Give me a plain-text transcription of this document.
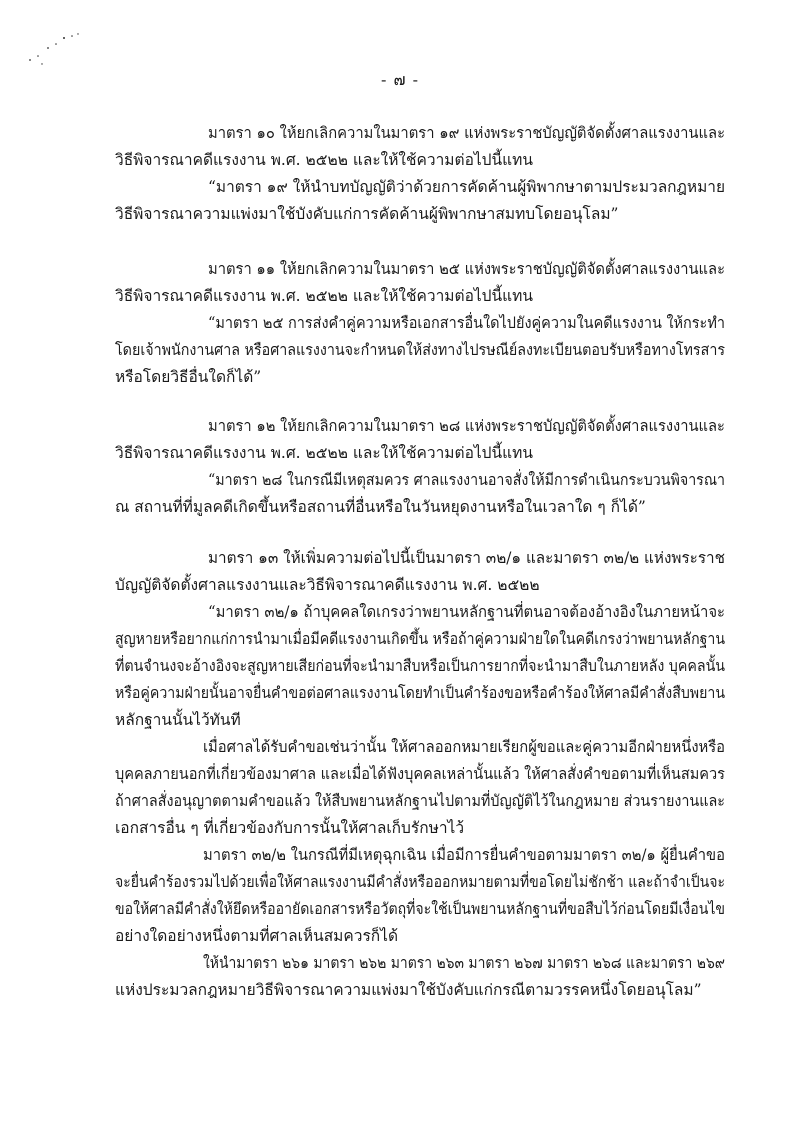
- ๗ -
มาตรา ๑๐ ให้ยกเลิกความในมาตรา ๑๙ แห่งพระราชบัญญัติจัดตั้งศาลแรงงานและ
วิธีพิจารณาคดีแรงงาน พ.ศ. ๒๕๒๒ และให้ใช้ความต่อไปนี้แทน
“มาตรา ๑๙ ให้นำบทบัญญัติว่าด้วยการคัดค้านผู้พิพากษาตามประมวลกฎหมาย
วิธีพิจารณาความแพ่งมาใช้บังคับแก่การคัดค้านผู้พิพากษาสมทบโดยอนุโลม”
มาตรา ๑๑ ให้ยกเลิกความในมาตรา ๒๕ แห่งพระราชบัญญัติจัดตั้งศาลแรงงานและ
วิธีพิจารณาคดีแรงงาน พ.ศ. ๒๕๒๒ และให้ใช้ความต่อไปนี้แทน
“มาตรา ๒๕ การส่งคำคู่ความหรือเอกสารอื่นใดไปยังคู่ความในคดีแรงงาน ให้กระทำ
โดยเจ้าพนักงานศาล หรือศาลแรงงานจะกำหนดให้ส่งทางไปรษณีย์ลงทะเบียนตอบรับหรือทางโทรสาร
หรือโดยวิธีอื่นใดก็ได้”
มาตรา ๑๒ ให้ยกเลิกความในมาตรา ๒๘ แห่งพระราชบัญญัติจัดตั้งศาลแรงงานและ
วิธีพิจารณาคดีแรงงาน พ.ศ. ๒๕๒๒ และให้ใช้ความต่อไปนี้แทน
“มาตรา ๒๘ ในกรณีมีเหตุสมควร ศาลแรงงานอาจสั่งให้มีการดำเนินกระบวนพิจารณา
ณ สถานที่ที่มูลคดีเกิดขึ้นหรือสถานที่อื่นหรือในวันหยุดงานหรือในเวลาใด ๆ ก็ได้”
มาตรา ๑๓ ให้เพิ่มความต่อไปนี้เป็นมาตรา ๓๒/๑ และมาตรา ๓๒/๒ แห่งพระราช
บัญญัติจัดตั้งศาลแรงงานและวิธีพิจารณาคดีแรงงาน พ.ศ. ๒๕๒๒
“มาตรา ๓๒/๑ ถ้าบุคคลใดเกรงว่าพยานหลักฐานที่ตนอาจต้องอ้างอิงในภายหน้าจะ
สูญหายหรือยากแก่การนำมาเมื่อมีคดีแรงงานเกิดขึ้น หรือถ้าคู่ความฝ่ายใดในคดีเกรงว่าพยานหลักฐาน
ที่ตนจำนงจะอ้างอิงจะสูญหายเสียก่อนที่จะนำมาสืบหรือเป็นการยากที่จะนำมาสืบในภายหลัง บุคคลนั้น
หรือคู่ความฝ่ายนั้นอาจยื่นคำขอต่อศาลแรงงานโดยทำเป็นคำร้องขอหรือคำร้องให้ศาลมีคำสั่งสืบพยาน
หลักฐานนั้นไว้ทันที
เมื่อศาลได้รับคำขอเช่นว่านั้น ให้ศาลออกหมายเรียกผู้ขอและคู่ความอีกฝ่ายหนึ่งหรือ
บุคคลภายนอกที่เกี่ยวข้องมาศาล และเมื่อได้ฟังบุคคลเหล่านั้นแล้ว ให้ศาลสั่งคำขอตามที่เห็นสมควร
ถ้าศาลสั่งอนุญาตตามคำขอแล้ว ให้สืบพยานหลักฐานไปตามที่บัญญัติไว้ในกฎหมาย ส่วนรายงานและ
เอกสารอื่น ๆ ที่เกี่ยวข้องกับการนั้นให้ศาลเก็บรักษาไว้
มาตรา ๓๒/๒ ในกรณีที่มีเหตุฉุกเฉิน เมื่อมีการยื่นคำขอตามมาตรา ๓๒/๑ ผู้ยื่นคำขอ
จะยื่นคำร้องรวมไปด้วยเพื่อให้ศาลแรงงานมีคำสั่งหรือออกหมายตามที่ขอโดยไม่ชักช้า และถ้าจำเป็นจะ
ขอให้ศาลมีคำสั่งให้ยึดหรืออายัดเอกสารหรือวัตถุที่จะใช้เป็นพยานหลักฐานที่ขอสืบไว้ก่อนโดยมีเงื่อนไข
อย่างใดอย่างหนึ่งตามที่ศาลเห็นสมควรก็ได้
ให้นำมาตรา ๒๖๑ มาตรา ๒๖๒ มาตรา ๒๖๓ มาตรา ๒๖๗ มาตรา ๒๖๘ และมาตรา ๒๖๙
แห่งประมวลกฎหมายวิธีพิจารณาความแพ่งมาใช้บังคับแก่กรณีตามวรรคหนึ่งโดยอนุโลม”
